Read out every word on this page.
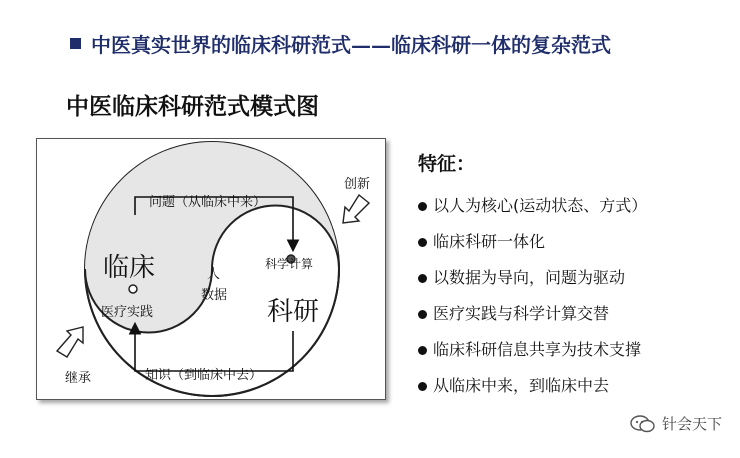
中医真实世界的临床科研范式——临床科研一体的复杂范式
中医临床科研范式模式图
问题（从临床中来）
创新
临床	科学计算
人
数据
医疗实践	科研
知识（到临床中去）
继承
特征：
以人为核心(运动状态、方式）
临床科研一体化
以数据为导向，问题为驱动
医疗实践与科学计算交替
临床科研信息共享为技术支撑
从临床中来，到临床中去
针会天下
